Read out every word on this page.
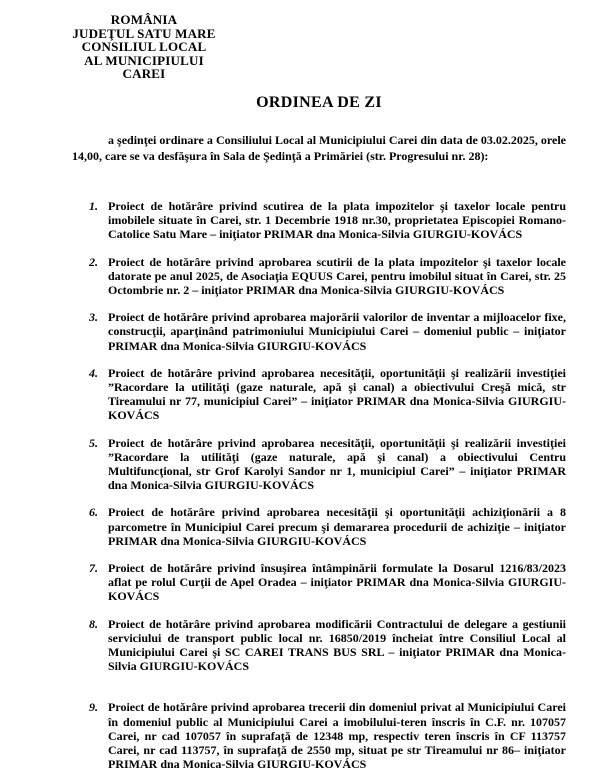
ROMÂNIA
JUDEŢUL SATU MARE
CONSILIUL LOCAL
AL MUNICIPIULUI CAREI
ORDINEA DE ZI

a şedinţei ordinare a Consiliului Local al Municipiului Carei din data de 03.02.2025, orele 14,00, care se va desfăşura în Sala de Şedinţă a Primăriei (str. Progresului nr. 28):

1. Proiect de hotărâre privind scutirea de la plata impozitelor şi taxelor locale pentru imobilele situate în Carei, str. 1 Decembrie 1918 nr.30, proprietatea Episcopiei Romano-Catolice Satu Mare – iniţiator PRIMAR dna Monica-Silvia GIURGIU-KOVÁCS
2. Proiect de hotărâre privind aprobarea scutirii de la plata impozitelor şi taxelor locale datorate pe anul 2025, de Asociaţia EQUUS Carei, pentru imobilul situat în Carei, str. 25 Octombrie nr. 2 – iniţiator PRIMAR dna Monica-Silvia GIURGIU-KOVÁCS
3. Proiect de hotărâre privind aprobarea majorării valorilor de inventar a mijloacelor fixe, construcţii, aparţinând patrimoniului Municipiului Carei – domeniul public – iniţiator PRIMAR dna Monica-Silvia GIURGIU-KOVÁCS
4. Proiect de hotărâre privind aprobarea necesităţii, oportunităţii şi realizării investiţiei ”Racordare la utilităţi (gaze naturale, apă şi canal) a obiectivului Creşă mică, str Tireamului nr 77, municipiul Carei” – iniţiator PRIMAR dna Monica-Silvia GIURGIU-KOVÁCS
5. Proiect de hotărâre privind aprobarea necesităţii, oportunităţii şi realizării investiţiei ”Racordare la utilităţi (gaze naturale, apă şi canal) a obiectivului Centru Multifuncţional, str Grof Karolyi Sandor nr 1, municipiul Carei” – iniţiator PRIMAR dna Monica-Silvia GIURGIU-KOVÁCS
6. Proiect de hotărâre privind aprobarea necesităţii şi oportunităţii achiziţionării a 8 parcometre în Municipiul Carei precum şi demararea procedurii de achiziţie – iniţiator PRIMAR dna Monica-Silvia GIURGIU-KOVÁCS
7. Proiect de hotărâre privind însuşirea întâmpinării formulate la Dosarul 1216/83/2023 aflat pe rolul Curţii de Apel Oradea – iniţiator PRIMAR dna Monica-Silvia GIURGIU-KOVÁCS
8. Proiect de hotărâre privind aprobarea modificării Contractului de delegare a gestiunii serviciului de transport public local nr. 16850/2019 încheiat între Consiliul Local al Municipiului Carei şi SC CAREI TRANS BUS SRL – iniţiator PRIMAR dna Monica-Silvia GIURGIU-KOVÁCS
9. Proiect de hotărâre privind aprobarea trecerii din domeniul privat al Municipiului Carei în domeniul public al Municipiului Carei a imobilului-teren înscris în C.F. nr. 107057 Carei, nr cad 107057 în suprafaţă de 12348 mp, respectiv teren înscris în CF 113757 Carei, nr cad 113757, în suprafaţă de 2550 mp, situat pe str Tireamului nr 86– iniţiator PRIMAR dna Monica-Silvia GIURGIU-KOVÁCS
